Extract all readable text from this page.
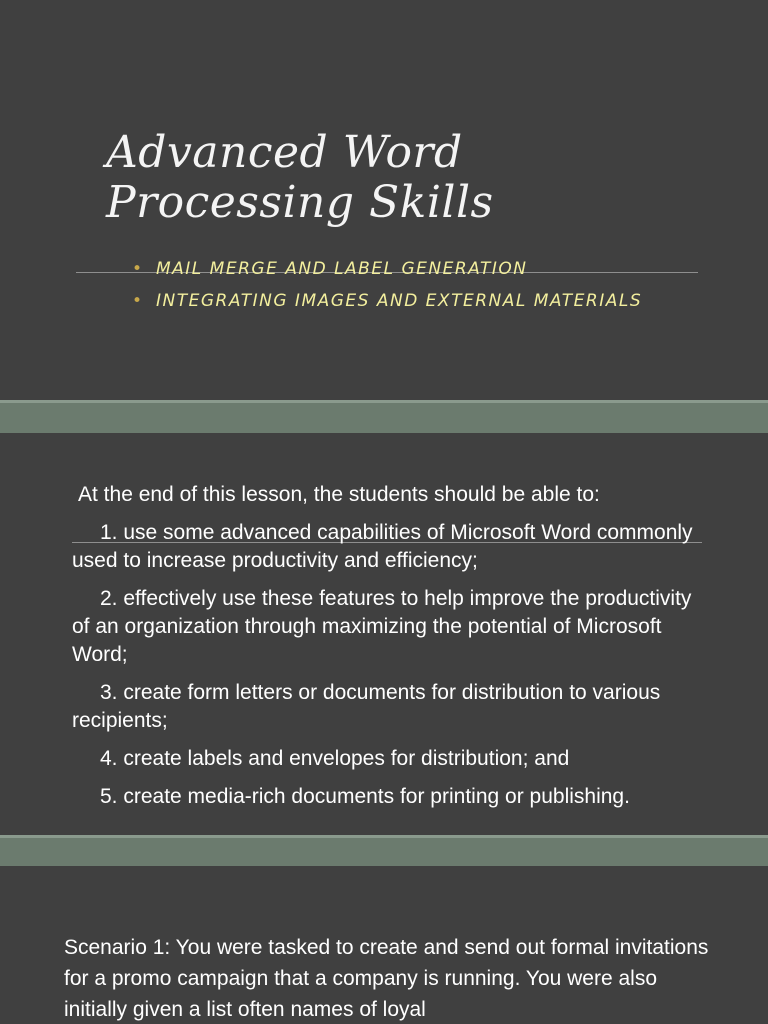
Advanced Word
Processing Skills
• MAIL MERGE AND LABEL GENERATION
• INTEGRATING IMAGES AND EXTERNAL MATERIALS

At the end of this lesson, the students should be able to:

1. use some advanced capabilities of Microsoft Word commonly used to increase productivity and efficiency;

2. effectively use these features to help improve the productivity of an organization through maximizing the potential of Microsoft Word;

3. create form letters or documents for distribution to various recipients;

4. create labels and envelopes for distribution; and

5. create media-rich documents for printing or publishing.

Scenario 1: You were tasked to create and send out formal invitations for a promo campaign that a company is running. You were also initially given a list often names of loyal
